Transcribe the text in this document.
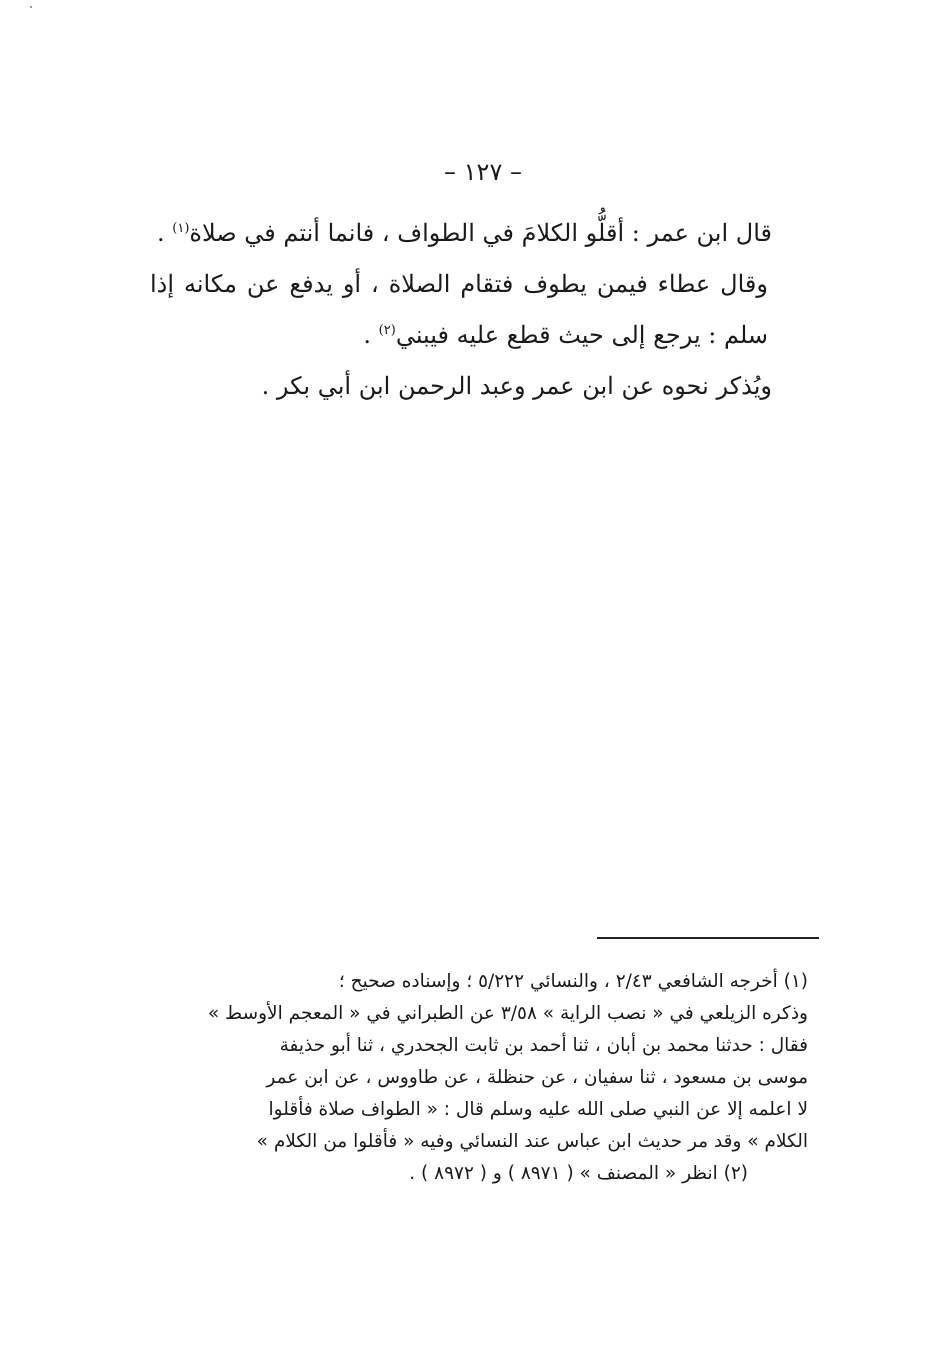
– ١٢٧ –

قال ابن عمر : أقلُّو الكلامَ في الطواف ، فانما أنتم في صلاة$^{(١)}$ .

وقال عطاء فيمن يطوف فتقام الصلاة ، أو يدفع عن مكانه إذا سلم : يرجع إلى حيث قطع عليه فيبني$^{(٢)}$ .

ويُذكر نحوه عن ابن عمر وعبد الرحمن ابن أبي بكر .

(١) أخرجه الشافعي ٢/٤٣ ، والنسائي ٥/٢٢٢ ؛ وإسناده صحيح ؛

وذكره الزيلعي في « نصب الراية » ٣/٥٨ عن الطبراني في « المعجم الأوسط »

فقال : حدثنا محمد بن أبان ، ثنا أحمد بن ثابت الجحدري ، ثنا أبو حذيفة

موسى بن مسعود ، ثنا سفيان ، عن حنظلة ، عن طاووس ، عن ابن عمر

لا اعلمه إلا عن النبي صلى الله عليه وسلم قال : « الطواف صلاة فأقلوا

الكلام » وقد مر حديث ابن عباس عند النسائي وفيه « فأقلوا من الكلام »

(٢) انظر « المصنف » ( ٨٩٧١ ) و ( ٨٩٧٢ ) .
